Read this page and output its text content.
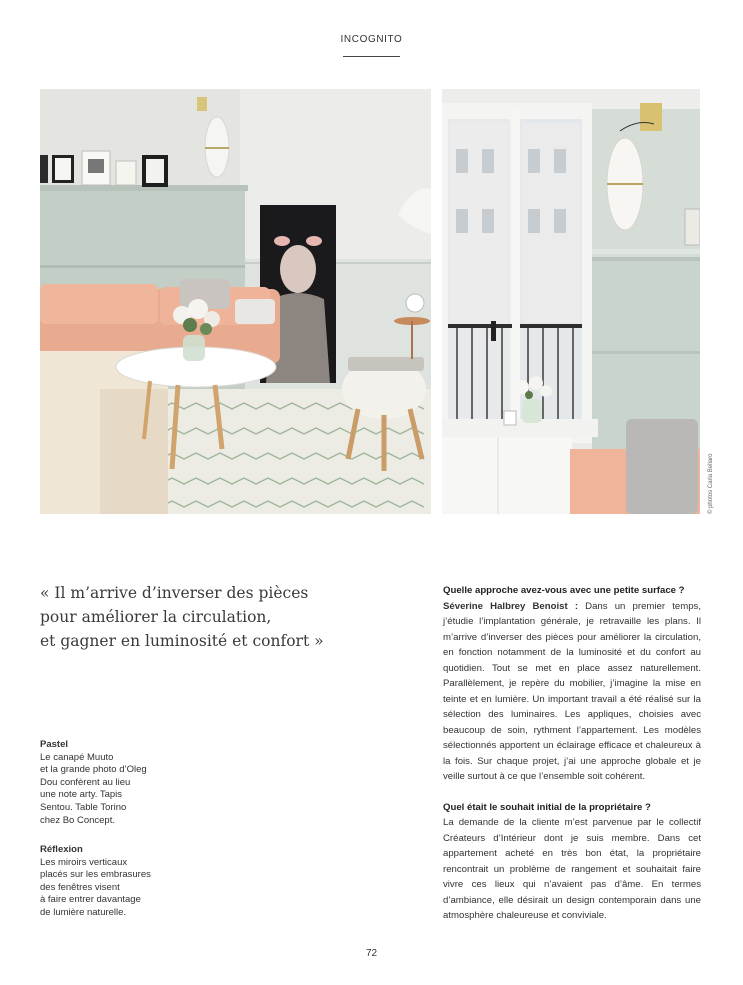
INCOGNITO
© photos Carla Bellaro
« Il m’arrive d’inverser des pièces
pour améliorer la circulation,
et gagner en luminosité et confort »
Pastel
Le canapé Muuto
et la grande photo d’Oleg
Dou confèrent au lieu
une note arty. Tapis
Sentou. Table Torino
chez Bo Concept.
Réflexion
Les miroirs verticaux
placés sur les embrasures
des fenêtres visent
à faire entrer davantage
de lumière naturelle.
Quelle approche avez-vous avec une petite surface ?

Séverine Halbrey Benoist : Dans un premier temps, j’étudie l’implantation générale, je retravaille les plans. Il m’arrive d’inverser des pièces pour améliorer la circulation, en fonction notamment de la luminosité et du confort au quotidien. Tout se met en place assez naturellement. Parallèlement, je repère du mobilier, j’imagine la mise en teinte et en lumière. Un important travail a été réalisé sur la sélection des luminaires. Les appliques, choisies avec beaucoup de soin, rythment l’appartement. Les modèles sélectionnés apportent un éclairage efficace et chaleureux à la fois. Sur chaque projet, j’ai une approche globale et je veille surtout à ce que l’ensemble soit cohérent.

Quel était le souhait initial de la propriétaire ?

La demande de la cliente m’est parvenue par le collectif Créateurs d’Intérieur dont je suis membre. Dans cet appartement acheté en très bon état, la propriétaire rencontrait un problème de rangement et souhaitait faire vivre ces lieux qui n’avaient pas d’âme. En termes d’ambiance, elle désirait un design contemporain dans une atmosphère chaleureuse et conviviale.

72
